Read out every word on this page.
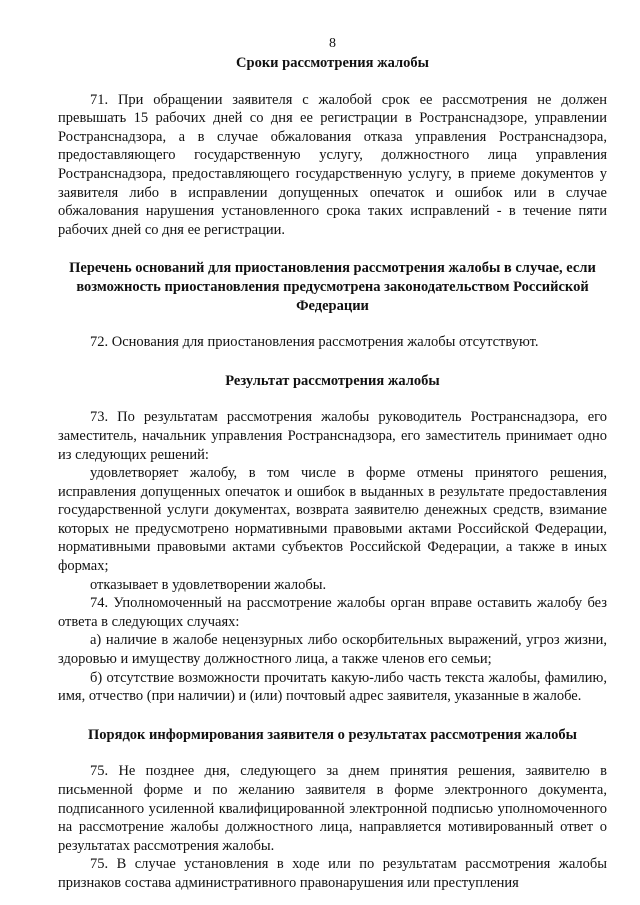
8
Сроки рассмотрения жалобы

71. При обращении заявителя с жалобой срок ее рассмотрения не должен превышать 15 рабочих дней со дня ее регистрации в Ространснадзоре, управлении Ространснадзора, а в случае обжалования отказа управления Ространснадзора, предоставляющего государственную услугу, должностного лица управления Ространснадзора, предоставляющего государственную услугу, в приеме документов у заявителя либо в исправлении допущенных опечаток и ошибок или в случае обжалования нарушения установленного срока таких исправлений - в течение пяти рабочих дней со дня ее регистрации.

Перечень оснований для приостановления рассмотрения жалобы в случае, если возможность приостановления предусмотрена законодательством Российской Федерации

72. Основания для приостановления рассмотрения жалобы отсутствуют.

Результат рассмотрения жалобы

73. По результатам рассмотрения жалобы руководитель Ространснадзора, его заместитель, начальник управления Ространснадзора, его заместитель принимает одно из следующих решений:

удовлетворяет жалобу, в том числе в форме отмены принятого решения, исправления допущенных опечаток и ошибок в выданных в результате предоставления государственной услуги документах, возврата заявителю денежных средств, взимание которых не предусмотрено нормативными правовыми актами Российской Федерации, нормативными правовыми актами субъектов Российской Федерации, а также в иных формах;

отказывает в удовлетворении жалобы.

74. Уполномоченный на рассмотрение жалобы орган вправе оставить жалобу без ответа в следующих случаях:

а) наличие в жалобе нецензурных либо оскорбительных выражений, угроз жизни, здоровью и имуществу должностного лица, а также членов его семьи;

б) отсутствие возможности прочитать какую-либо часть текста жалобы, фамилию, имя, отчество (при наличии) и (или) почтовый адрес заявителя, указанные в жалобе.

Порядок информирования заявителя о результатах рассмотрения жалобы

75. Не позднее дня, следующего за днем принятия решения, заявителю в письменной форме и по желанию заявителя в форме электронного документа, подписанного усиленной квалифицированной электронной подписью уполномоченного на рассмотрение жалобы должностного лица, направляется мотивированный ответ о результатах рассмотрения жалобы.

75. В случае установления в ходе или по результатам рассмотрения жалобы признаков состава административного правонарушения или преступления
